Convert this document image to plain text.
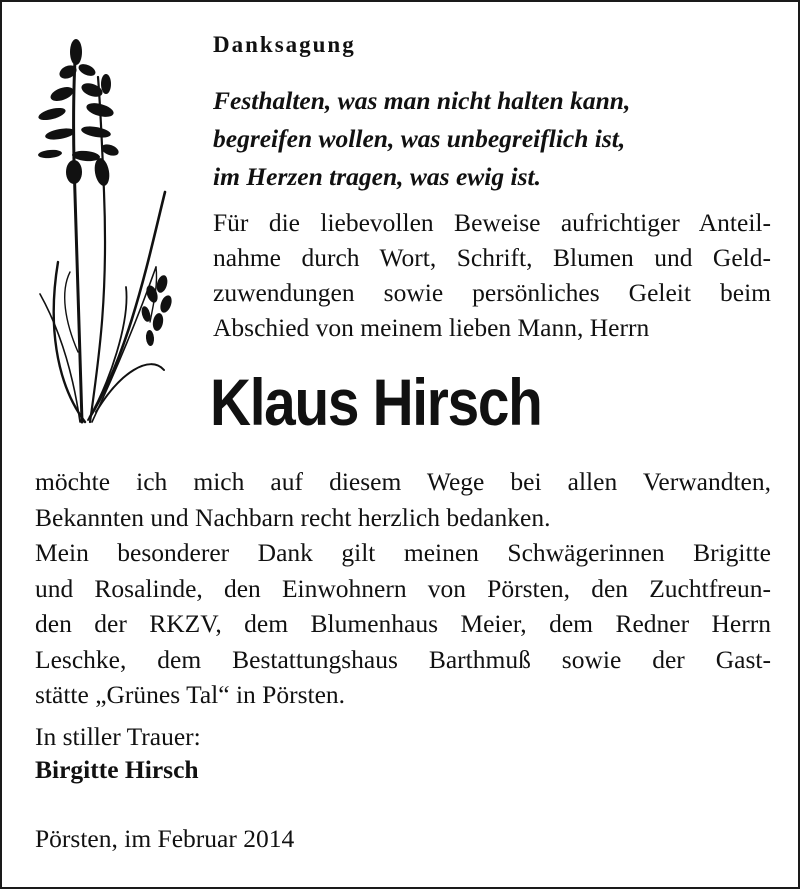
Danksagung
Festhalten, was man nicht halten kann,
begreifen wollen, was unbegreiflich ist,
im Herzen tragen, was ewig ist.
Für die liebevollen Beweise aufrichtiger Anteil-
nahme durch Wort, Schrift, Blumen und Geld-
zuwendungen sowie persönliches Geleit beim
Abschied von meinem lieben Mann, Herrn
Klaus Hirsch
möchte ich mich auf diesem Wege bei allen Verwandten,
Bekannten und Nachbarn recht herzlich bedanken.
Mein besonderer Dank gilt meinen Schwägerinnen Brigitte
und Rosalinde, den Einwohnern von Pörsten, den Zuchtfreun-
den der RKZV, dem Blumenhaus Meier, dem Redner Herrn
Leschke, dem Bestattungshaus Barthmuß sowie der Gast-
stätte „Grünes Tal“ in Pörsten.
In stiller Trauer:
Birgitte Hirsch
Pörsten, im Februar 2014
